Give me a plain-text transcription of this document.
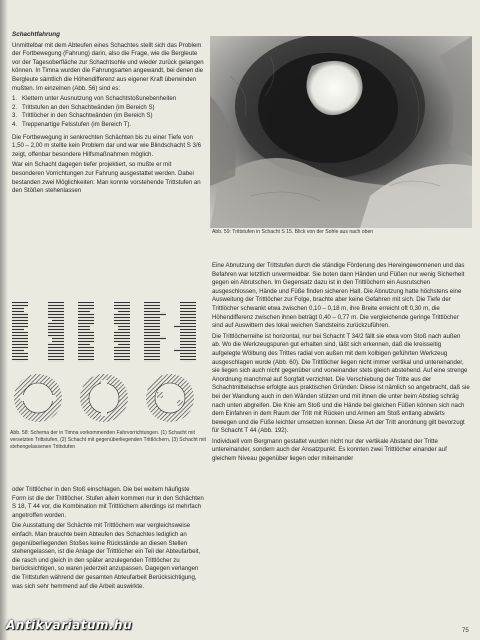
Schachtfahrung

Unmittelbar mit dem Abteufen eines Schachtes stellt sich das Problem der Fortbewegung (Fahrung) darin, also die Frage, wie die Bergleute vor der Tagesoberfläche zur Schachtsohle und wieder zurück gelangen können. In Timna wurden die Fahrungsarten angewandt, bei denen die Bergleute sämtlich die Höhendifferenz aus eigener Kraft überwinden mußten. Im einzelnen (Abb. 56) sind es:

1. Klettern unter Ausnutzung von Schachtstoßunebenheiten
2. Trittstufen an den Schachtwänden (im Bereich S)
3. Trittlöcher in den Schachtwänden (im Bereich S)
4. Treppenartige Felsstufen (im Bereich T).

Die Fortbewegung in senkrechten Schächten bis zu einer Tiefe von 1,50 – 2,00 m stellte kein Problem dar und war wie Blindschacht S 3/6 zeigt, offenbar besondere Hilfsmaßnahmen möglich.

War ein Schacht dagegen tiefer projektiert, so mußte er mit besonderen Vorrichtungen zur Fahrung ausgestattet werden. Dabei bestanden zwei Möglichkeiten: Man konnte vorstehende Trittstufen an den Stößen stehenlassen

Abb. 59: Trittstufen in Schacht S 15. Blick von der Sohle aus nach oben

Eine Abnutzung der Trittstufen durch die ständige Förderung des Hereingewonnenen und das Befahren war letztlich unvermeidbar. Sie boten dann Händen und Füßen nur wenig Sicherheit gegen ein Abrutschen. Im Gegensatz dazu ist in den Trittlöchern ein Ausrutschen ausgeschlossen, Hände und Füße finden sicheren Halt. Die Abnutzung hatte höchstens eine Ausweitung der Trittlöcher zur Folge, brachte aber keine Gefahren mit sich. Die Tiefe der Trittlöcher schwankt etwa zwischen 0,10 – 0,18 m, ihre Breite erreicht oft 0,30 m, die Höhendifferenz zwischen ihnen beträgt 0,40 – 0,77 m. Die vergleichende geringe Trittlöcher sind auf Auswittern des lokal weichen Sandsteins zurückzuführen.

Die Trittlöcherreihe ist horizontal, nur bei Schacht T 34/2 fällt sie etwa vom Stoß nach außen ab. Wo die Werkzeugspuren gut erhalten sind, läßt sich erkennen, daß die kreisseitig aufgelegte Wölbung des Trittes radial von außen mit dem kolbigen geführten Werkzeug ausgeschlagen wurde (Abb. 60). Die Trittlöcher liegen nicht immer vertikal und untereinander, sie liegen sich auch nicht gegenüber und voneinander stets gleich abstehend. Auf eine strenge Anordnung manchmal auf Sorgfalt verzichtet. Die Verschiebung der Tritte aus der Schachtmittelachse erfolgte aus praktischen Gründen: Diese ist nämlich so angebracht, daß sie bei der Wandlung auch in den Wänden stützen und mit ihnen die unter beim Abstieg schräg nach unten abgreifen. Die Knie am Stoß und die Hände bei gleichen Füßen können sich nach dem Einfahren in dem Raum der Tritt mit Rücken und Armen am Stoß entlang abwärts bewegen und die Füße leichter umsetzen konnen. Diese Art der Tritt anordnung gilt bevorzugt für Schacht T 44 (Abb. 192).

Individuell vom Bergmann gestaltet wurden nicht nur der vertikale Abstand der Tritte untereinander, sondern auch der Ansatzpunkt. Es konnten zwei Trittlöcher einander auf gleichem Niveau gegenüber liegen oder miteinander

Abb. 58: Schema der in Timna vorkommenden Fahrvorrichtungen. (1) Schacht mit versetzten Trittstufen, (2) Schacht mit gegenüberliegenden Trittlöchern, (3) Schacht mit stehengelassenen Trittstufen

oder Trittlöcher in den Stoß einschlagen. Die bei weitem häufigste Form ist die der Trittlöcher. Stufen allein kommen nur in den Schächten S 18, T 44 vor, die Kombination mit Trittlöchern allerdings ist mehrfach angetroffen worden.

Die Ausstattung der Schächte mit Trittlöchern war vergleichsweise einfach. Man brauchte beim Abteufen des Schachtes lediglich an gegenüberliegenden Stoßes keine Rückstände an diesen Stellen stehengelassen, ist die Anlage der Trittlöcher ein Teil der Abteufarbeit, die rasch und gleich in den später anzulegenden Trittlöcher zu berücksichtigen, so waren jederzeit anzupassen. Dagegen verlangen die Trittstufen während der gesamten Abteufarbeit Berücksichtigung, was sich sehr hemmend auf die Arbeit auswirkte.

75
Antikvariatum.hu
